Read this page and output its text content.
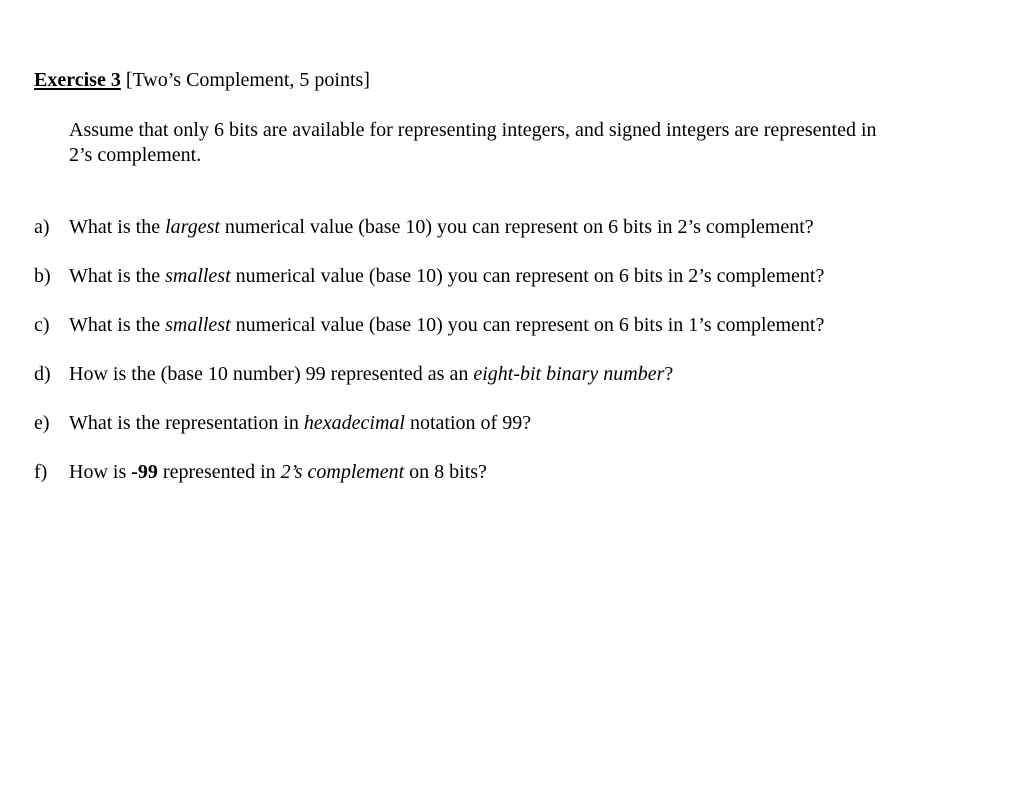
Exercise 3 [Two’s Complement, 5 points]
Assume that only 6 bits are available for representing integers, and signed integers are represented in
2’s complement.
a) What is the largest numerical value (base 10) you can represent on 6 bits in 2’s complement?
b) What is the smallest numerical value (base 10) you can represent on 6 bits in 2’s complement?
c) What is the smallest numerical value (base 10) you can represent on 6 bits in 1’s complement?
d) How is the (base 10 number) 99 represented as an eight-bit binary number?
e) What is the representation in hexadecimal notation of 99?
f) How is -99 represented in 2’s complement on 8 bits?
